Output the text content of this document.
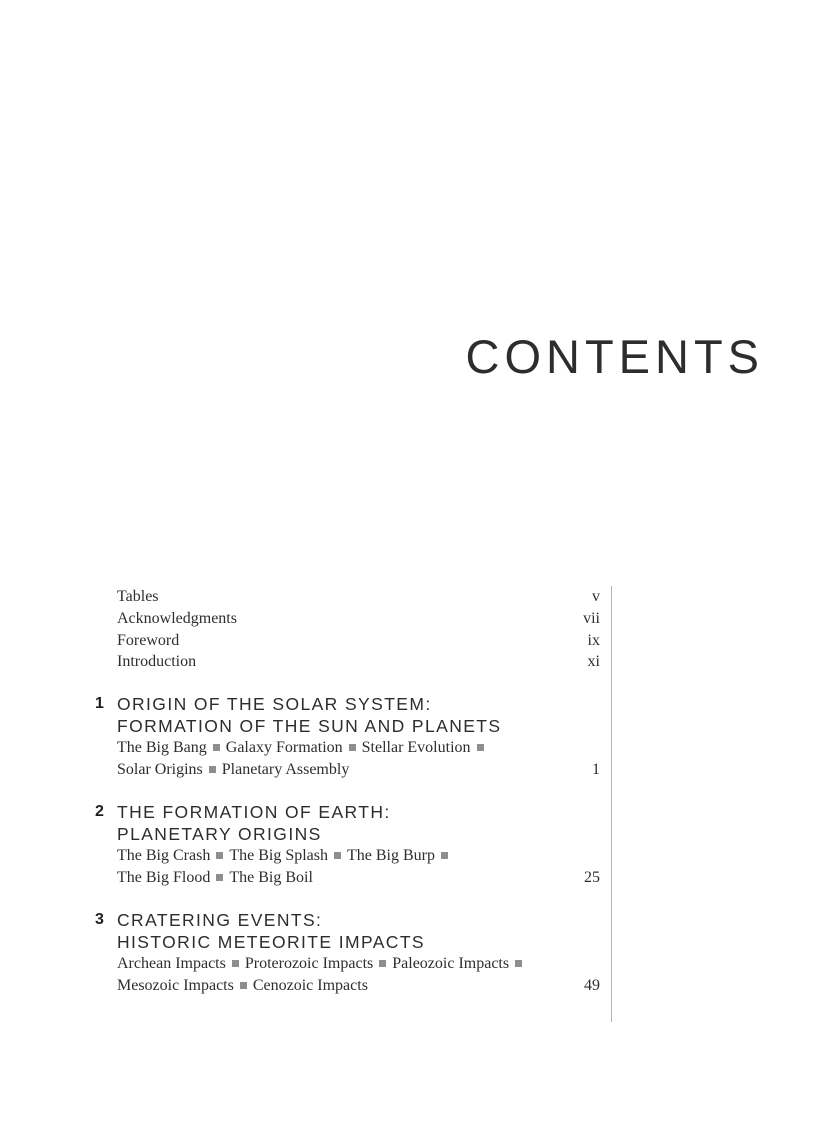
CONTENTS
Tables	v
Acknowledgments	vii
Foreword	ix
Introduction	xi
1 ORIGIN OF THE SOLAR SYSTEM:
FORMATION OF THE SUN AND PLANETS
The Big Bang Galaxy Formation Stellar Evolution
Solar Origins Planetary Assembly	1
2 THE FORMATION OF EARTH:
PLANETARY ORIGINS
The Big Crash The Big Splash The Big Burp
The Big Flood The Big Boil	25
3 CRATERING EVENTS:
HISTORIC METEORITE IMPACTS
Archean Impacts Proterozoic Impacts Paleozoic Impacts
Mesozoic Impacts Cenozoic Impacts	49
